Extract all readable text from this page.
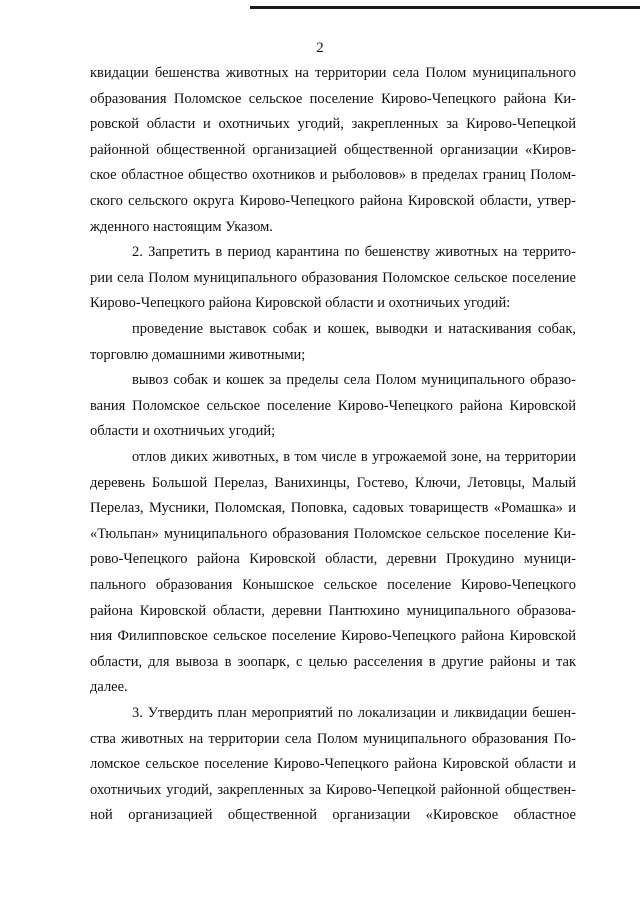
2
квидации бешенства животных на территории села Полом муниципального
образования Поломское сельское поселение Кирово-Чепецкого района Ки-
ровской области и охотничьих угодий, закрепленных за Кирово-Чепецкой
районной общественной организацией общественной организации «Киров-
ское областное общество охотников и рыболовов» в пределах границ Полом-
ского сельского округа Кирово-Чепецкого района Кировской области, утвер-
жденного настоящим Указом.
2. Запретить в период карантина по бешенству животных на террито-
рии села Полом муниципального образования Поломское сельское поселение
Кирово-Чепецкого района Кировской области и охотничьих угодий:
проведение выставок собак и кошек, выводки и натаскивания собак,
торговлю домашними животными;
вывоз собак и кошек за пределы села Полом муниципального образо-
вания Поломское сельское поселение Кирово-Чепецкого района Кировской
области и охотничьих угодий;
отлов диких животных, в том числе в угрожаемой зоне, на территории
деревень Большой Перелаз, Ванихинцы, Гостево, Ключи, Летовцы, Малый
Перелаз, Мусники, Поломская, Поповка, садовых товариществ «Ромашка» и
«Тюльпан» муниципального образования Поломское сельское поселение Ки-
рово-Чепецкого района Кировской области, деревни Прокудино муници-
пального образования Конышское сельское поселение Кирово-Чепецкого
района Кировской области, деревни Пантюхино муниципального образова-
ния Филипповское сельское поселение Кирово-Чепецкого района Кировской
области, для вывоза в зоопарк, с целью расселения в другие районы и так
далее.
3. Утвердить план мероприятий по локализации и ликвидации бешен-
ства животных на территории села Полом муниципального образования По-
ломское сельское поселение Кирово-Чепецкого района Кировской области и
охотничьих угодий, закрепленных за Кирово-Чепецкой районной обществен-
ной организацией общественной организации «Кировское областное
